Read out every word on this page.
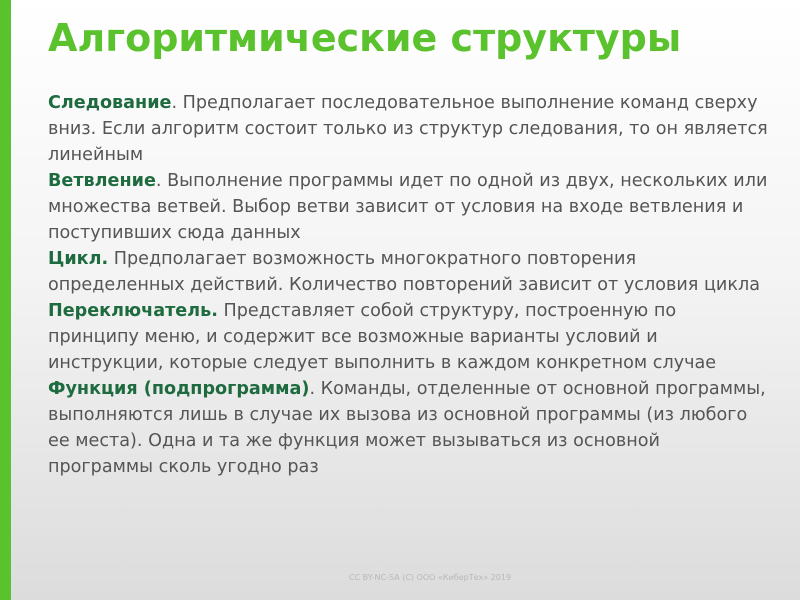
Алгоритмические структуры

Следование. Предполагает последовательное выполнение команд сверху вниз. Если алгоритм состоит только из структур следования, то он является линейным

Ветвление. Выполнение программы идет по одной из двух, нескольких или множества ветвей. Выбор ветви зависит от условия на входе ветвления и поступивших сюда данных

Цикл. Предполагает возможность многократного повторения определенных действий. Количество повторений зависит от условия цикла

Переключатель. Представляет собой структуру, построенную по принципу меню, и содержит все возможные варианты условий и инструкции, которые следует выполнить в каждом конкретном случае

Функция (подпрограмма). Команды, отделенные от основной программы, выполняются лишь в случае их вызова из основной программы (из любого ее места). Одна и та же функция может вызываться из основной программы сколь угодно раз

CC BY-NC-SA (C) ООО «КиберТех» 2019
